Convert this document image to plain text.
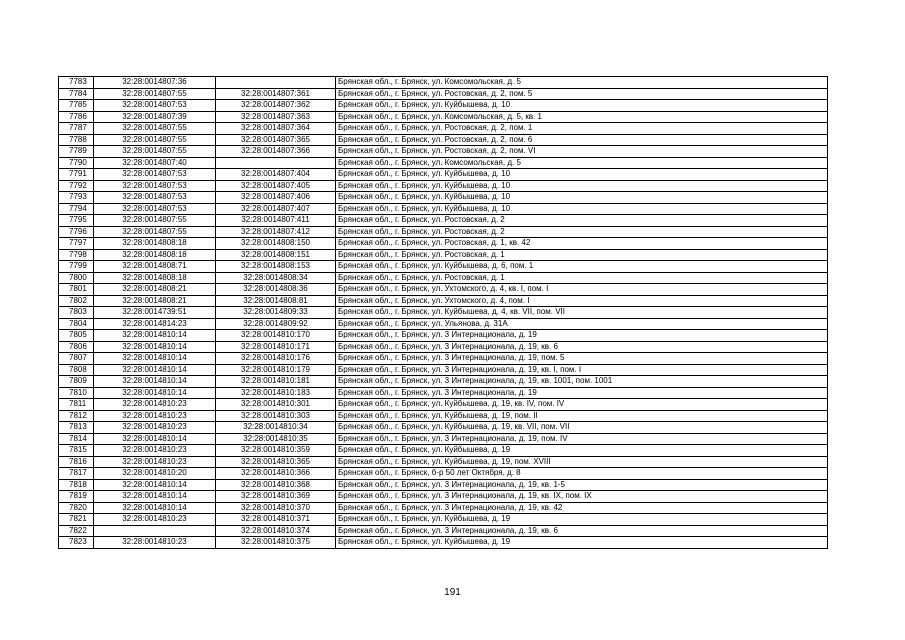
7783	32:28:0014807:36		Брянская обл., г. Брянск, ул. Комсомольская, д. 5
7784	32:28:0014807:55	32:28:0014807:361	Брянская обл., г. Брянск, ул. Ростовская, д. 2, пом. 5
7785	32:28:0014807:53	32:28:0014807:362	Брянская обл., г. Брянск, ул. Куйбышева, д. 10
7786	32:28:0014807:39	32:28:0014807:363	Брянская обл., г. Брянск, ул. Комсомольская, д. 5, кв. 1
7787	32:28:0014807:55	32:28:0014807:364	Брянская обл., г. Брянск, ул. Ростовская, д. 2, пом. 1
7788	32:28:0014807:55	32:28:0014807:365	Брянская обл., г. Брянск, ул. Ростовская, д. 2, пом. 6
7789	32:28:0014807:55	32:28:0014807:366	Брянская обл., г. Брянск, ул. Ростовская, д. 2, пом. VI
7790	32:28:0014807:40		Брянская обл., г. Брянск, ул. Комсомольская, д. 5
7791	32:28:0014807:53	32:28:0014807:404	Брянская обл., г. Брянск, ул. Куйбышева, д. 10
7792	32:28:0014807:53	32:28:0014807:405	Брянская обл., г. Брянск, ул. Куйбышева, д. 10
7793	32:28:0014807:53	32:28:0014807:406	Брянская обл., г. Брянск, ул. Куйбышева, д. 10
7794	32:28:0014807:53	32:28:0014807:407	Брянская обл., г. Брянск, ул. Куйбышева, д. 10
7795	32:28:0014807:55	32:28:0014807:411	Брянская обл., г. Брянск, ул. Ростовская, д. 2
7796	32:28:0014807:55	32:28:0014807:412	Брянская обл., г. Брянск, ул. Ростовская, д. 2
7797	32:28:0014808:18	32:28:0014808:150	Брянская обл., г. Брянск, ул. Ростовская, д. 1, кв. 42
7798	32:28:0014808:18	32:28:0014808:151	Брянская обл., г. Брянск, ул. Ростовская, д. 1
7799	32:28:0014808:71	32:28:0014808:153	Брянская обл., г. Брянск, ул. Куйбышева, д. 6, пом. 1
7800	32:28:0014808:18	32:28:0014808:34	Брянская обл., г. Брянск, ул. Ростовская, д. 1
7801	32:28:0014808:21	32:28:0014808:36	Брянская обл., г. Брянск, ул. Ухтомского, д. 4, кв. I, пом. I
7802	32:28:0014808:21	32:28:0014808:81	Брянская обл., г. Брянск, ул. Ухтомского, д. 4, пом. I
7803	32:28:0014739:51	32:28:0014809:33	Брянская обл., г. Брянск, ул. Куйбышева, д. 4, кв. VII, пом. VII
7804	32:28:0014814:23	32:28:0014809:92	Брянская обл., г. Брянск, ул. Ульянова, д. 31А
7805	32:28:0014810:14	32:28:0014810:170	Брянская обл., г. Брянск, ул. 3 Интернационала, д. 19
7806	32:28:0014810:14	32:28:0014810:171	Брянская обл., г. Брянск, ул. 3 Интернационала, д. 19, кв. 6
7807	32:28:0014810:14	32:28:0014810:176	Брянская обл., г. Брянск, ул. 3 Интернационала, д. 19, пом. 5
7808	32:28:0014810:14	32:28:0014810:179	Брянская обл., г. Брянск, ул. 3 Интернационала, д. 19, кв. I, пом. I
7809	32:28:0014810:14	32:28:0014810:181	Брянская обл., г. Брянск, ул. 3 Интернационала, д. 19, кв. 1001, пом. 1001
7810	32:28:0014810:14	32:28:0014810:183	Брянская обл., г. Брянск, ул. 3 Интернационала, д. 19
7811	32:28:0014810:23	32:28:0014810:301	Брянская обл., г. Брянск, ул. Куйбышева, д. 19, кв. IV, пом. IV
7812	32:28:0014810:23	32:28:0014810:303	Брянская обл., г. Брянск, ул. Куйбышева, д. 19, пом. II
7813	32:28:0014810:23	32:28:0014810:34	Брянская обл., г. Брянск, ул. Куйбышева, д. 19, кв. VII, пом. VII
7814	32:28:0014810:14	32:28:0014810:35	Брянская обл., г. Брянск, ул. 3 Интернационала, д. 19, пом. IV
7815	32:28:0014810:23	32:28:0014810:359	Брянская обл., г. Брянск, ул. Куйбышева, д. 19
7816	32:28:0014810:23	32:28:0014810:365	Брянская обл., г. Брянск, ул. Куйбышева, д. 19, пом. XVIII
7817	32:28:0014810:20	32:28:0014810:366	Брянская обл., г. Брянск, б-р 50 лет Октября, д. 8
7818	32:28:0014810:14	32:28:0014810:368	Брянская обл., г. Брянск, ул. 3 Интернационала, д. 19, кв. 1-5
7819	32:28:0014810:14	32:28:0014810:369	Брянская обл., г. Брянск, ул. 3 Интернационала, д. 19, кв. IX, пом. IX
7820	32:28:0014810:14	32:28:0014810:370	Брянская обл., г. Брянск, ул. 3 Интернационала, д. 19, кв. 42
7821	32:28:0014810:23	32:28:0014810:371	Брянская обл., г. Брянск, ул. Куйбышева, д. 19
7822		32:28:0014810:374	Брянская обл., г. Брянск, ул. 3 Интернационала, д. 19, кв. 6
7823	32:28:0014810:23	32:28:0014810:375	Брянская обл., г. Брянск, ул. Куйбышева, д. 19
191
